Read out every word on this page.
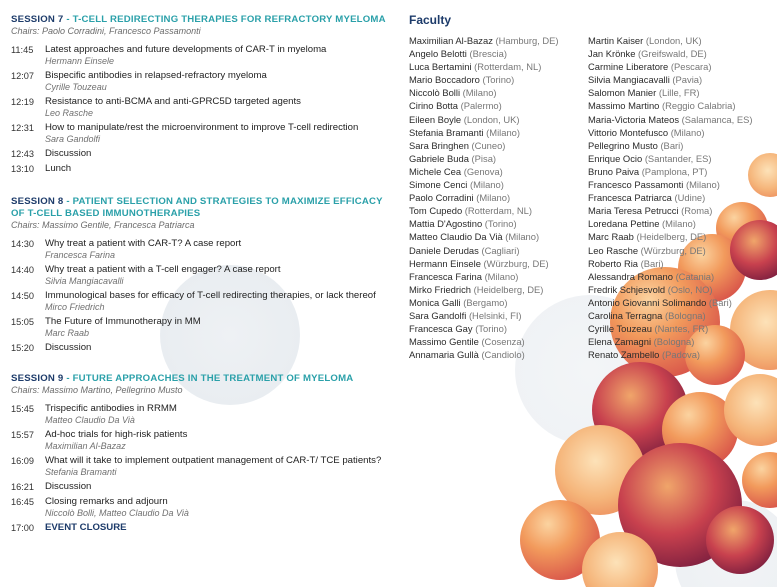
SESSION 7 - T-CELL REDIRECTING THERAPIES FOR REFRACTORY MYELOMA
Chairs: Paolo Corradini, Francesco Passamonti
11:45	Latest approaches and future developments of CAR-T in myeloma
Hermann Einsele
12:07	Bispecific antibodies in relapsed-refractory myeloma
Cyrille Touzeau
12:19	Resistance to anti-BCMA and anti-GPRC5D targeted agents
Leo Rasche
12:31	How to manipulate/rest the microenvironment to improve T-cell redirection
Sara Gandolfi
12:43	Discussion
13:10	Lunch
SESSION 8 - PATIENT SELECTION AND STRATEGIES TO MAXIMIZE EFFICACY OF T-CELL BASED IMMUNOTHERAPIES
Chairs: Massimo Gentile, Francesca Patriarca
14:30	Why treat a patient with CAR-T? A case report
Francesca Farina
14:40	Why treat a patient with a T-cell engager? A case report
Silvia Mangiacavalli
14:50	Immunological bases for efficacy of T-cell redirecting therapies, or lack thereof
Mirco Friedrich
15:05	The Future of Immunotherapy in MM
Marc Raab
15:20	Discussion
SESSION 9 - FUTURE APPROACHES IN THE TREATMENT OF MYELOMA
Chairs: Massimo Martino, Pellegrino Musto
15:45	Trispecific antibodies in RRMM
Matteo Claudio Da Vià
15:57	Ad-hoc trials for high-risk patients
Maximilian Al-Bazaz
16:09	What will it take to implement outpatient management of CAR-T/ TCE patients?
Stefania Bramanti
16:21	Discussion
16:45	Closing remarks and adjourn
Niccolò Bolli, Matteo Claudio Da Vià
17:00	EVENT CLOSURE
Faculty
Maximilian Al-Bazaz (Hamburg, DE)
Angelo Belotti (Brescia)
Luca Bertamini (Rotterdam, NL)
Mario Boccadoro (Torino)
Niccolò Bolli (Milano)
Cirino Botta (Palermo)
Eileen Boyle (London, UK)
Stefania Bramanti (Milano)
Sara Bringhen (Cuneo)
Gabriele Buda (Pisa)
Michele Cea (Genova)
Simone Cenci (Milano)
Paolo Corradini (Milano)
Tom Cupedo (Rotterdam, NL)
Mattia D'Agostino (Torino)
Matteo Claudio Da Vià (Milano)
Daniele Derudas (Cagliari)
Hermann Einsele (Würzburg, DE)
Francesca Farina (Milano)
Mirko Friedrich (Heidelberg, DE)
Monica Galli (Bergamo)
Sara Gandolfi (Helsinki, FI)
Francesca Gay (Torino)
Massimo Gentile (Cosenza)
Annamaria Gullà (Candiolo)
Martin Kaiser (London, UK)
Jan Krönke (Greifswald, DE)
Carmine Liberatore (Pescara)
Silvia Mangiacavalli (Pavia)
Salomon Manier (Lille, FR)
Massimo Martino (Reggio Calabria)
Maria-Victoria Mateos (Salamanca, ES)
Vittorio Montefusco (Milano)
Pellegrino Musto (Bari)
Enrique Ocio (Santander, ES)
Bruno Paiva (Pamplona, PT)
Francesco Passamonti (Milano)
Francesca Patriarca (Udine)
Maria Teresa Petrucci (Roma)
Loredana Pettine (Milano)
Marc Raab (Heidelberg, DE)
Leo Rasche (Würzburg, DE)
Roberto Ria (Bari)
Alessandra Romano (Catania)
Fredrik Schjesvold (Oslo, NO)
Antonio Giovanni Solimando (Bari)
Carolina Terragna (Bologna)
Cyrille Touzeau (Nantes, FR)
Elena Zamagni (Bologna)
Renato Zambello (Padova)
